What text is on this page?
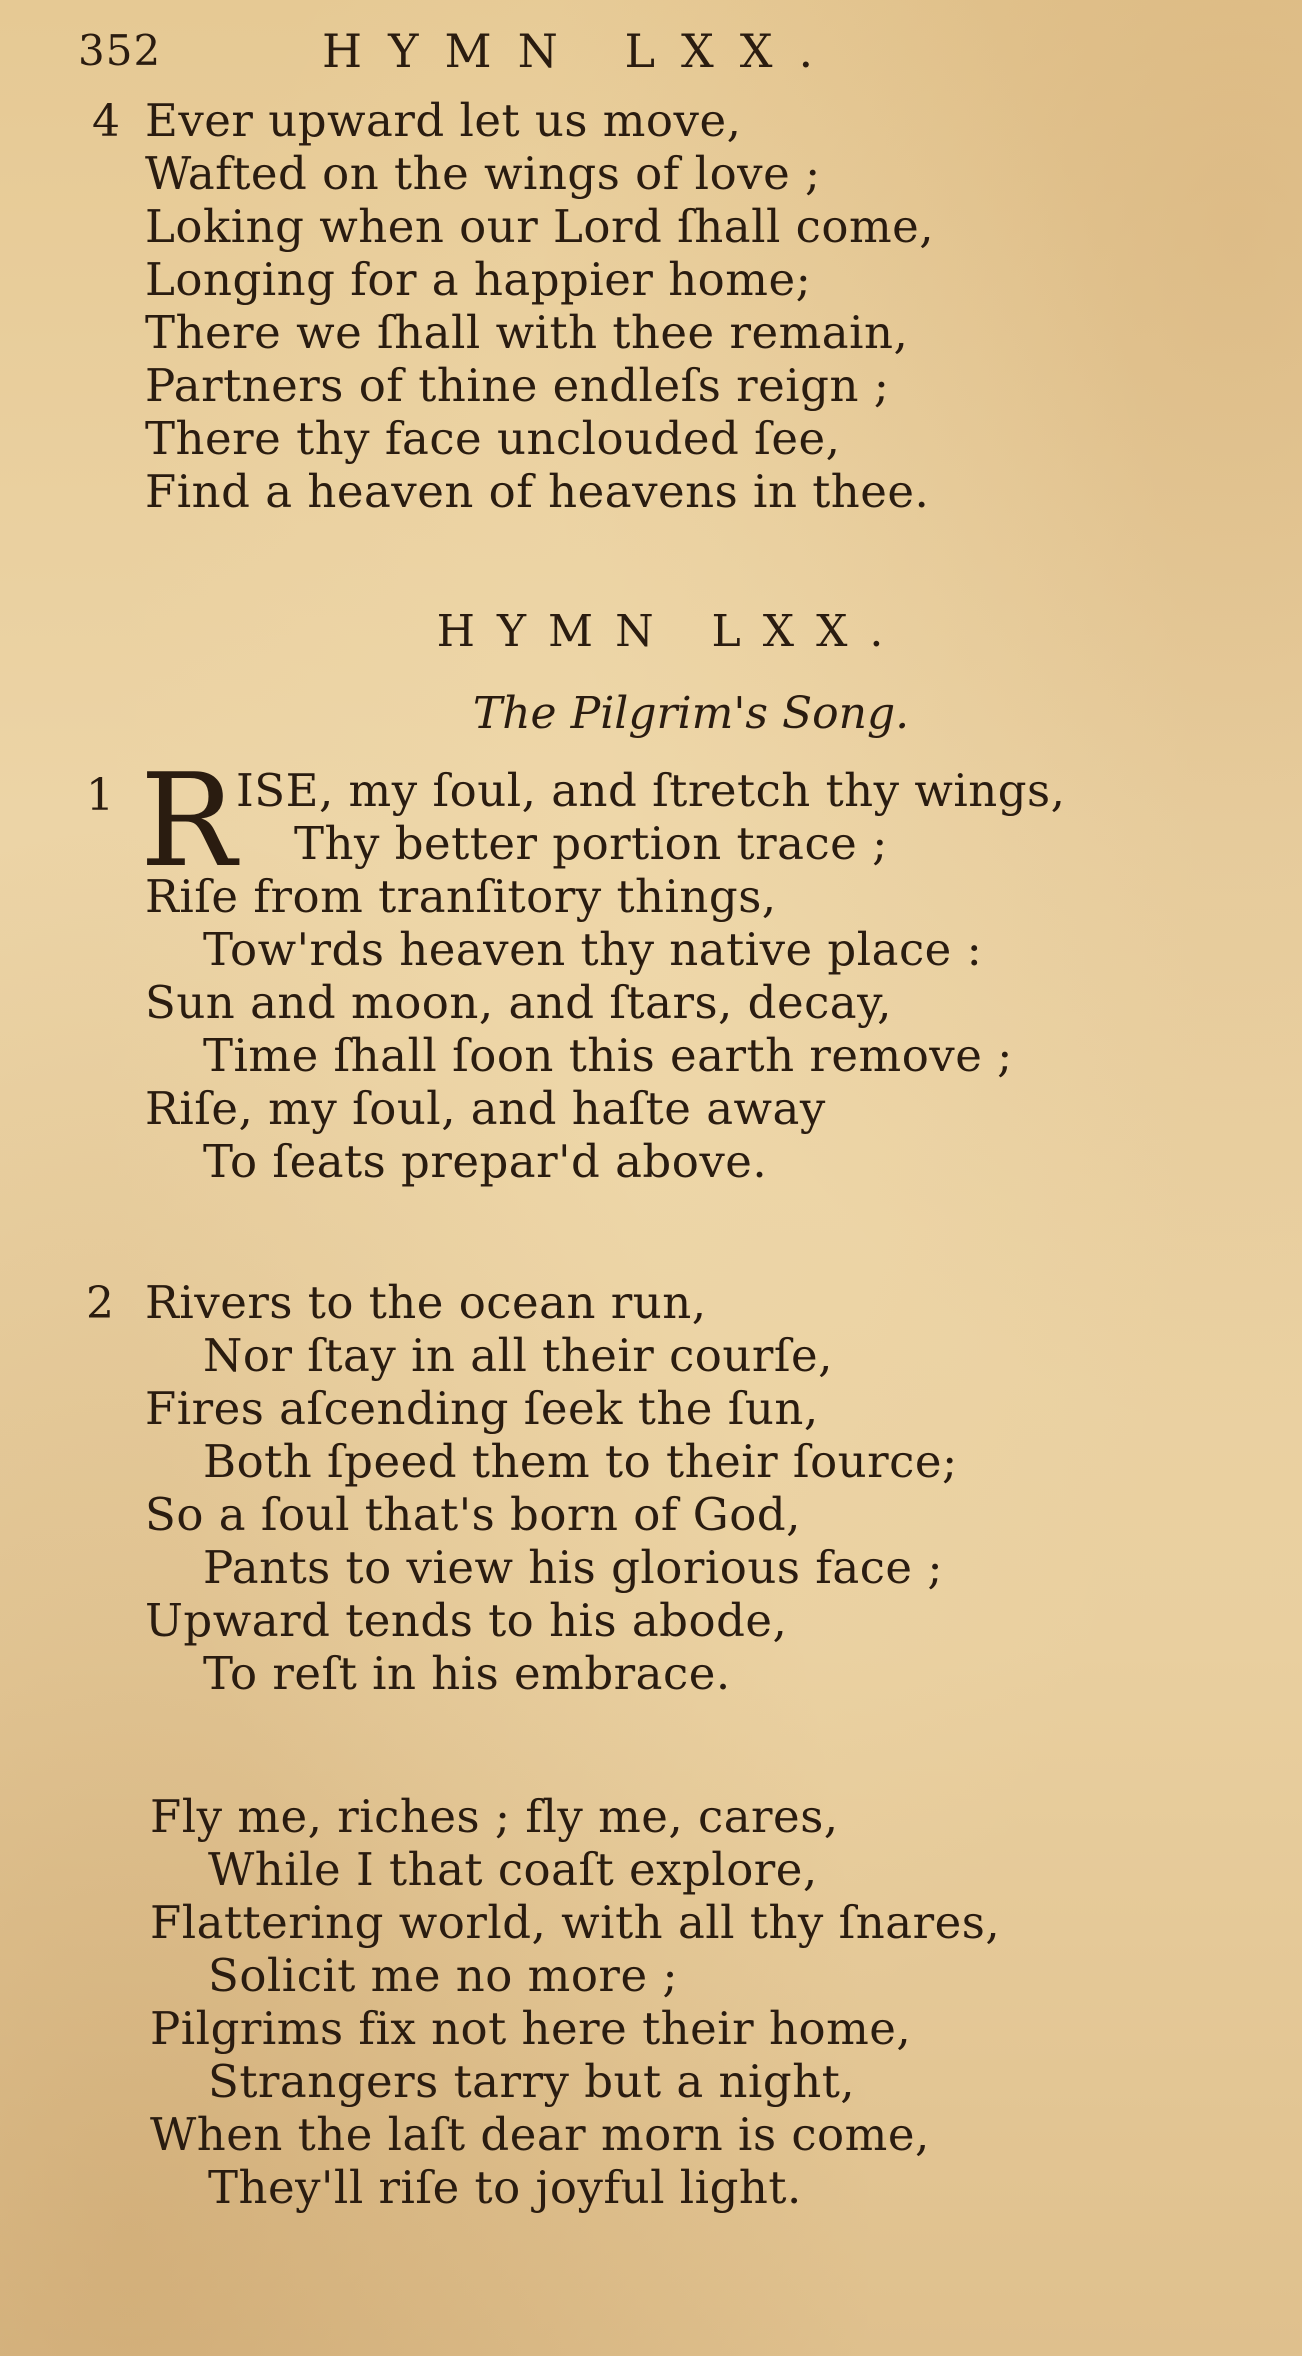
352	HYMN LXX.
4 Ever upward let us move,
Wafted on the wings of love ;
Loking when our Lord ſhall come,
Longing for a happier home;
There we ſhall with thee remain,
Partners of thine endleſs reign ;
There thy face unclouded ſee,
Find a heaven of heavens in thee.
HYMN LXX.
The Pilgrim's Song.
1 R ISE, my ſoul, and ſtretch thy wings,
Thy better portion trace ;
Riſe from tranſitory things,
Tow'rds heaven thy native place :
Sun and moon, and ſtars, decay,
Time ſhall ſoon this earth remove ;
Riſe, my ſoul, and haſte away
To ſeats prepar'd above.
2 Rivers to the ocean run,
Nor ſtay in all their courſe,
Fires aſcending ſeek the ſun,
Both ſpeed them to their ſource;
So a ſoul that's born of God,
Pants to view his glorious face ;
Upward tends to his abode,
To reſt in his embrace.
Fly me, riches ; fly me, cares,
While I that coaſt explore,
Flattering world, with all thy ſnares,
Solicit me no more ;
Pilgrims fix not here their home,
Strangers tarry but a night,
When the laſt dear morn is come,
They'll riſe to joyful light.
